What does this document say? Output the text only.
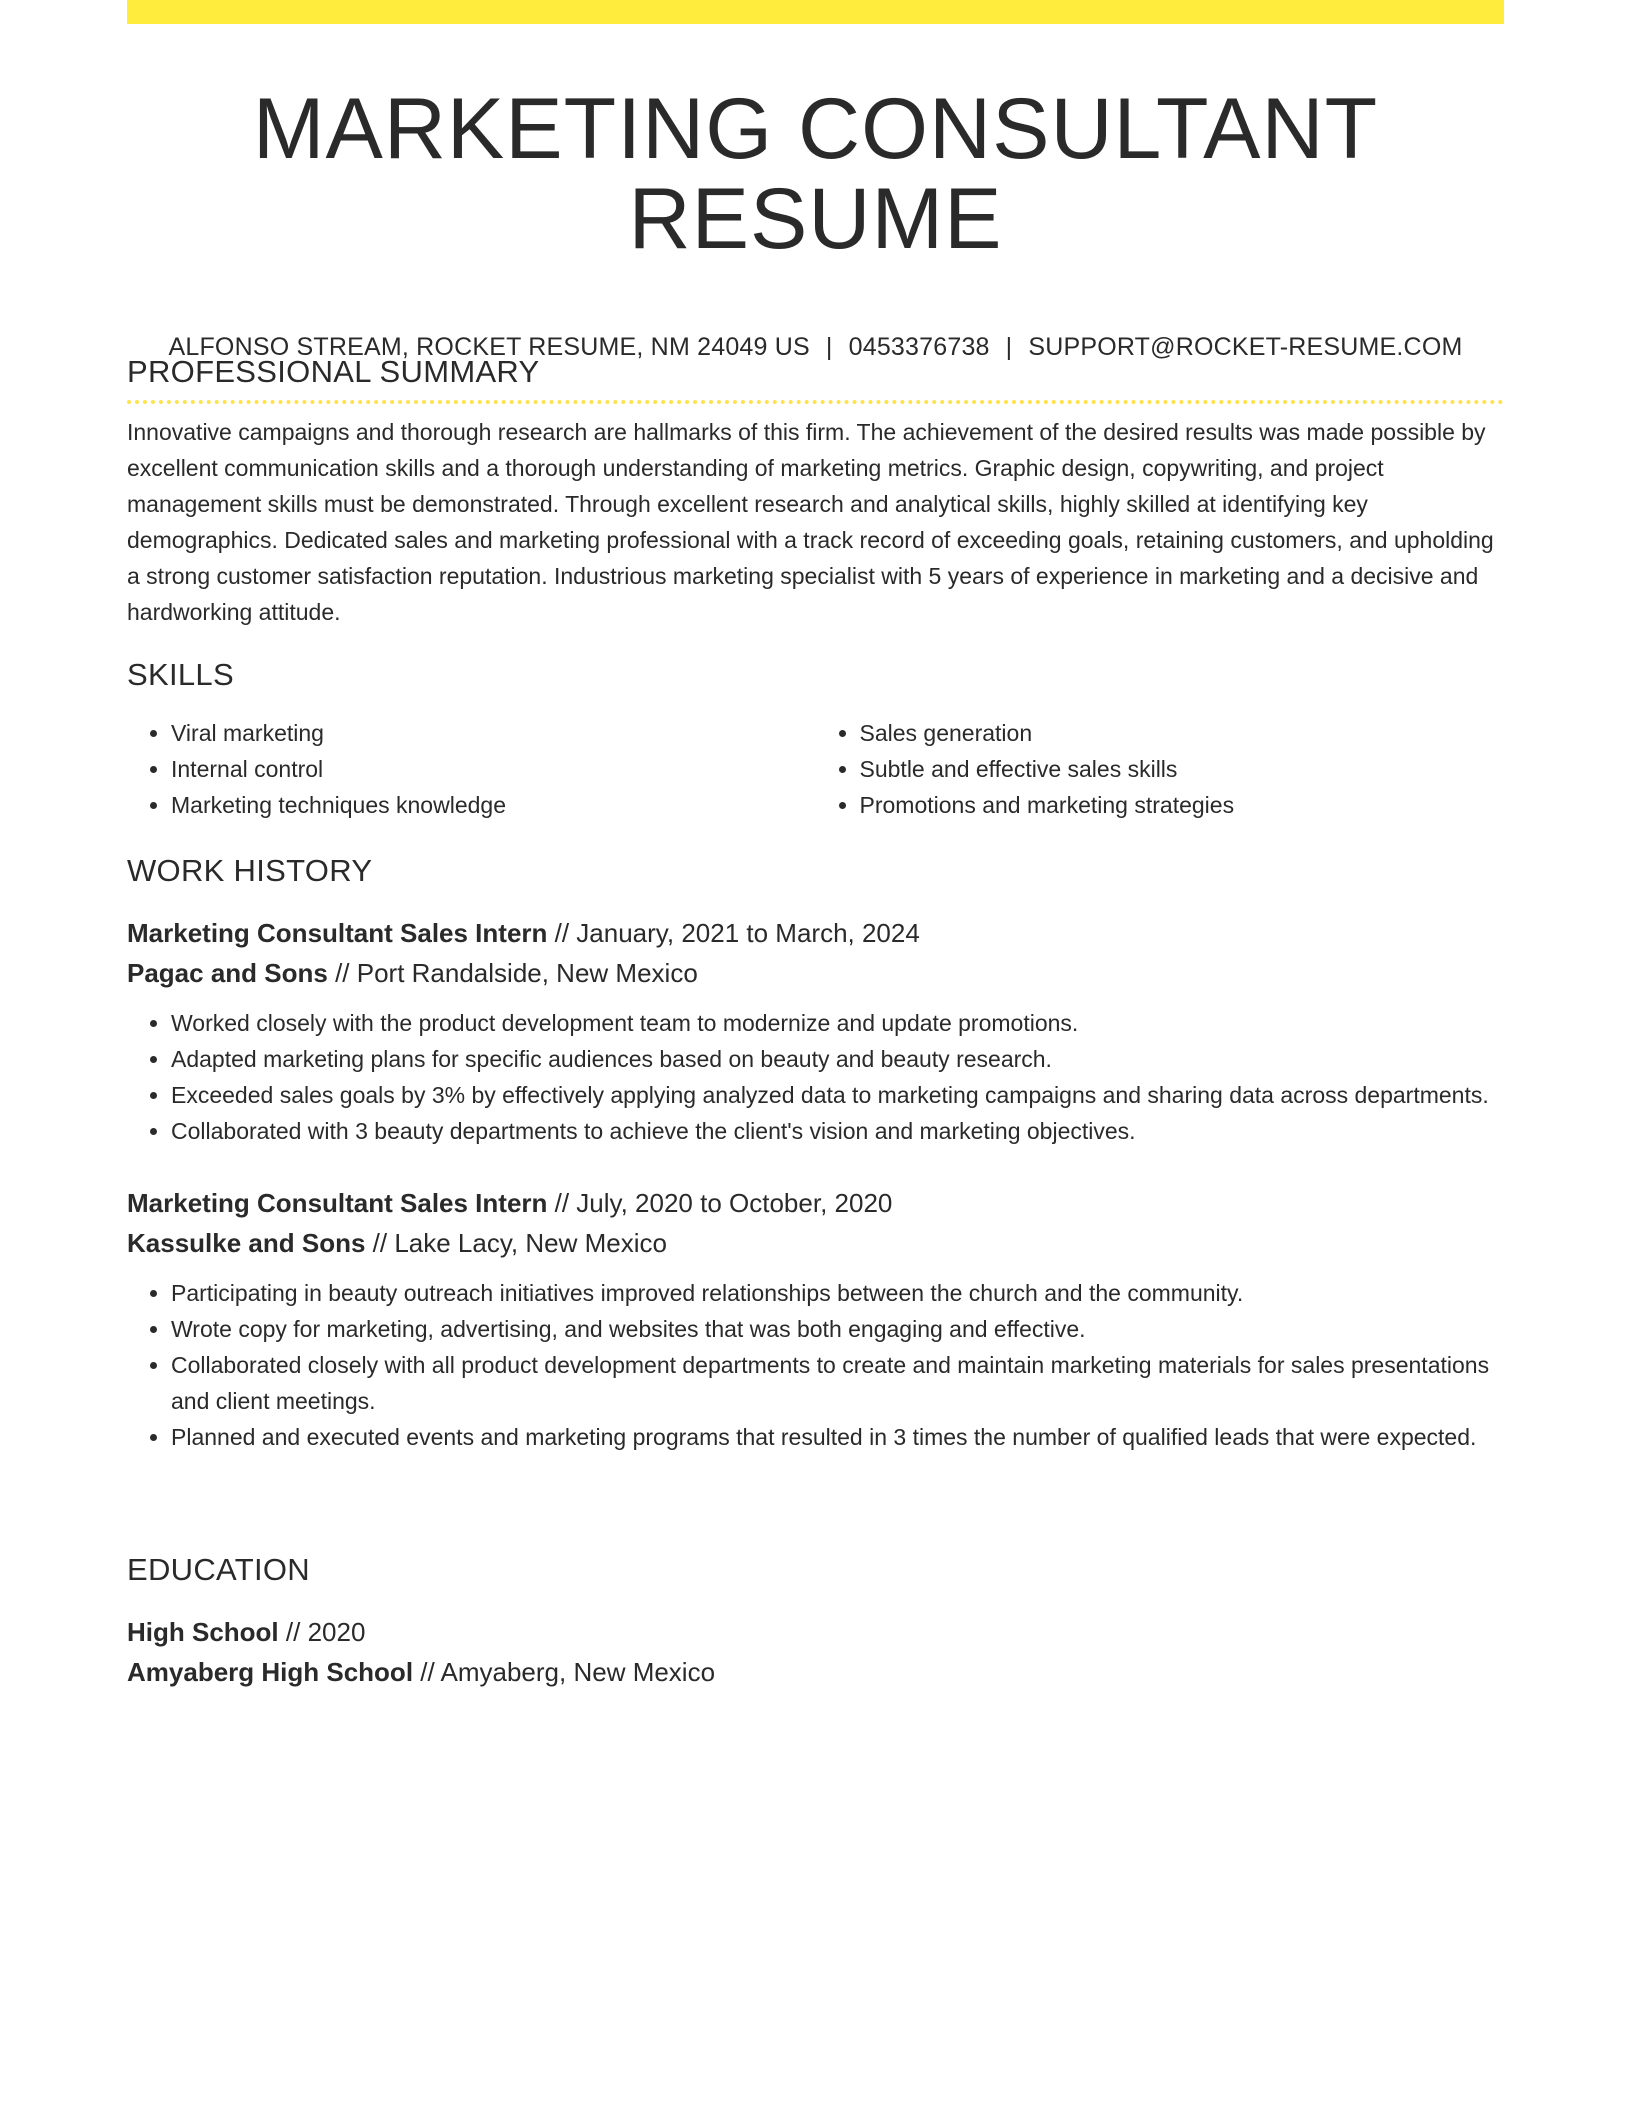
MARKETING CONSULTANT RESUME
ALFONSO STREAM, ROCKET RESUME, NM 24049 US | 0453376738 | SUPPORT@ROCKET-RESUME.COM
PROFESSIONAL SUMMARY
Innovative campaigns and thorough research are hallmarks of this firm. The achievement of the desired results was made possible by excellent communication skills and a thorough understanding of marketing metrics. Graphic design, copywriting, and project management skills must be demonstrated. Through excellent research and analytical skills, highly skilled at identifying key demographics. Dedicated sales and marketing professional with a track record of exceeding goals, retaining customers, and upholding a strong customer satisfaction reputation. Industrious marketing specialist with 5 years of experience in marketing and a decisive and hardworking attitude.
SKILLS
• Viral marketing
• Internal control
• Marketing techniques knowledge
• Sales generation
• Subtle and effective sales skills
• Promotions and marketing strategies
WORK HISTORY
Marketing Consultant Sales Intern // January, 2021 to March, 2024
Pagac and Sons // Port Randalside, New Mexico
• Worked closely with the product development team to modernize and update promotions.
• Adapted marketing plans for specific audiences based on beauty and beauty research.
• Exceeded sales goals by 3% by effectively applying analyzed data to marketing campaigns and sharing data across departments.
• Collaborated with 3 beauty departments to achieve the client's vision and marketing objectives.
Marketing Consultant Sales Intern // July, 2020 to October, 2020
Kassulke and Sons // Lake Lacy, New Mexico
• Participating in beauty outreach initiatives improved relationships between the church and the community.
• Wrote copy for marketing, advertising, and websites that was both engaging and effective.
• Collaborated closely with all product development departments to create and maintain marketing materials for sales presentations and client meetings.
• Planned and executed events and marketing programs that resulted in 3 times the number of qualified leads that were expected.
EDUCATION
High School // 2020
Amyaberg High School // Amyaberg, New Mexico
